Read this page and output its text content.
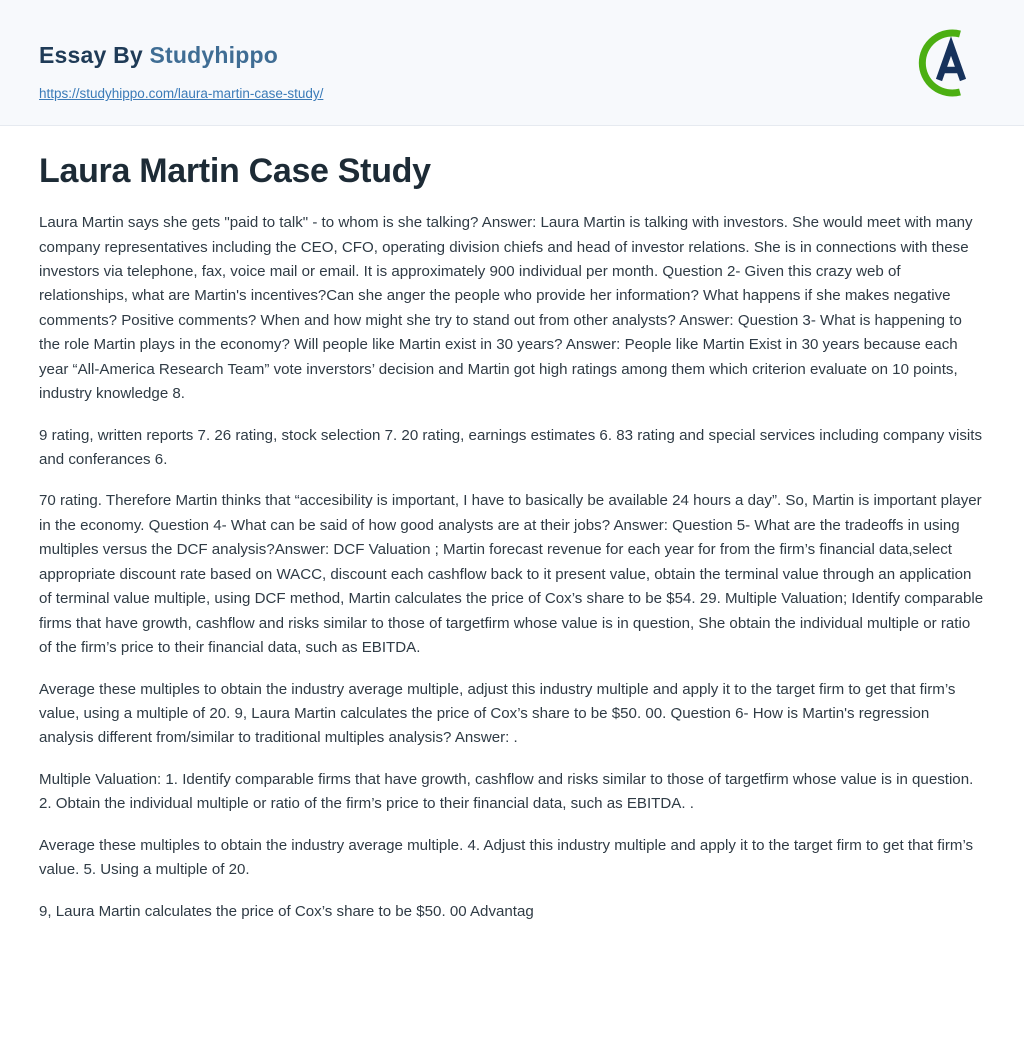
Essay By Studyhippo
https://studyhippo.com/laura-martin-case-study/
Laura Martin Case Study

Laura Martin says she gets "paid to talk" - to whom is she talking? Answer: Laura Martin is talking with investors. She would meet with many company representatives including the CEO, CFO, operating division chiefs and head of investor relations. She is in connections with these investors via telephone, fax, voice mail or email. It is approximately 900 individual per month. Question 2- Given this crazy web of relationships, what are Martin's incentives?Can she anger the people who provide her information? What happens if she makes negative comments? Positive comments? When and how might she try to stand out from other analysts? Answer: Question 3- What is happening to the role Martin plays in the economy? Will people like Martin exist in 30 years? Answer: People like Martin Exist in 30 years because each year “All-America Research Team” vote inverstors’ decision and Martin got high ratings among them which criterion evaluate on 10 points, industry knowledge 8.

9 rating, written reports 7. 26 rating, stock selection 7. 20 rating, earnings estimates 6. 83 rating and special services including company visits and conferances 6.

70 rating. Therefore Martin thinks that “accesibility is important, I have to basically be available 24 hours a day”. So, Martin is important player in the economy. Question 4- What can be said of how good analysts are at their jobs? Answer: Question 5- What are the tradeoffs in using multiples versus the DCF analysis?Answer: DCF Valuation ; Martin forecast revenue for each year for from the firm’s financial data,select appropriate discount rate based on WACC, discount each cashflow back to it present value, obtain the terminal value through an application of terminal value multiple, using DCF method, Martin calculates the price of Cox’s share to be $54. 29. Multiple Valuation; Identify comparable firms that have growth, cashflow and risks similar to those of targetfirm whose value is in question, She obtain the individual multiple or ratio of the firm’s price to their financial data, such as EBITDA.

Average these multiples to obtain the industry average multiple, adjust this industry multiple and apply it to the target firm to get that firm’s value, using a multiple of 20. 9, Laura Martin calculates the price of Cox’s share to be $50. 00. Question 6- How is Martin's regression analysis different from/similar to traditional multiples analysis? Answer: .

Multiple Valuation: 1. Identify comparable firms that have growth, cashflow and risks similar to those of targetfirm whose value is in question. 2. Obtain the individual multiple or ratio of the firm’s price to their financial data, such as EBITDA. .

Average these multiples to obtain the industry average multiple. 4. Adjust this industry multiple and apply it to the target firm to get that firm’s value. 5. Using a multiple of 20.

9, Laura Martin calculates the price of Cox’s share to be $50. 00 Advantag
